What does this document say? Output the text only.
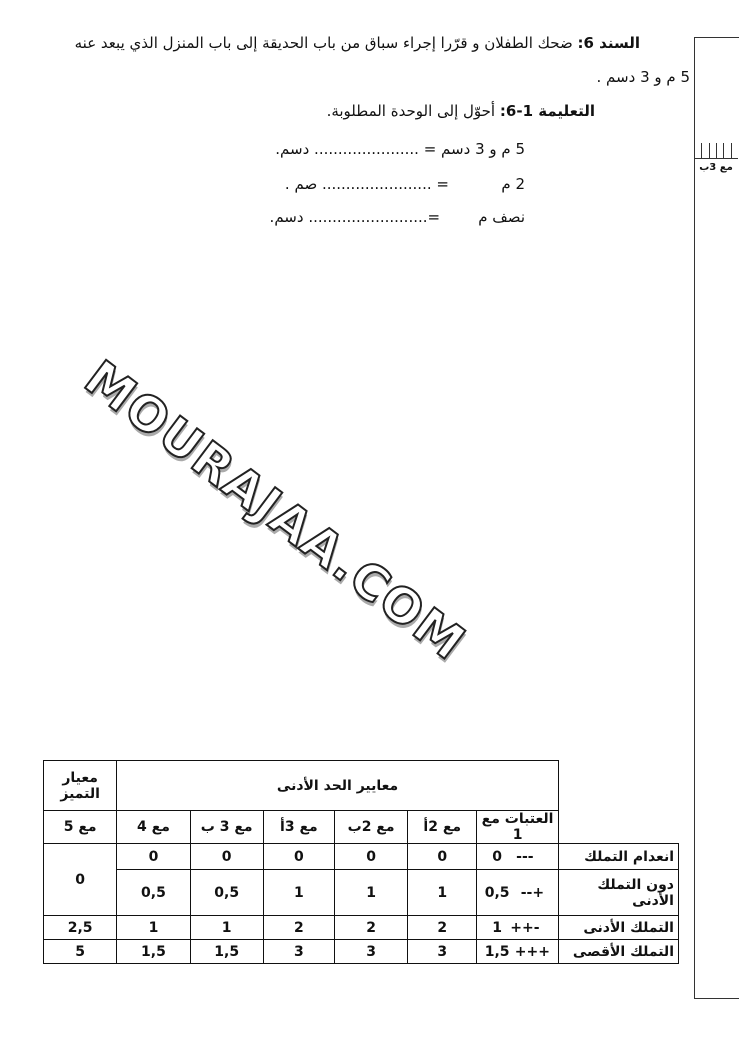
السند 6: ضحك الطفلان و قرّرا إجراء سباق من باب الحديقة إلى باب المنزل الذي يبعد عنه
5 م و 3 دسم .
التعليمة 1-6: أحوّل إلى الوحدة المطلوبة.
5 م و 3 دسم = ...................... دسم.
2 م           = ....................... صم .
نصف م        =......................... دسم.
مع 3ب
MOURAJAA.COM
	معايير الحد الأدنى						معيار التميز
	العتبات مع 1	مع 2أ	مع 2ب	مع 3أ	مع 3 ب	مع 4	مع 5
انعدام التملك	--- 0	0	0	0	0	0	0
دون التملك الأدنى	+-- 0,5	1	1	1	0,5	0,5	
التملك الأدنى	-++ 1	2	2	2	1	1	2,5
التملك الأقصى	+++ 1,5	3	3	3	1,5	1,5	5
